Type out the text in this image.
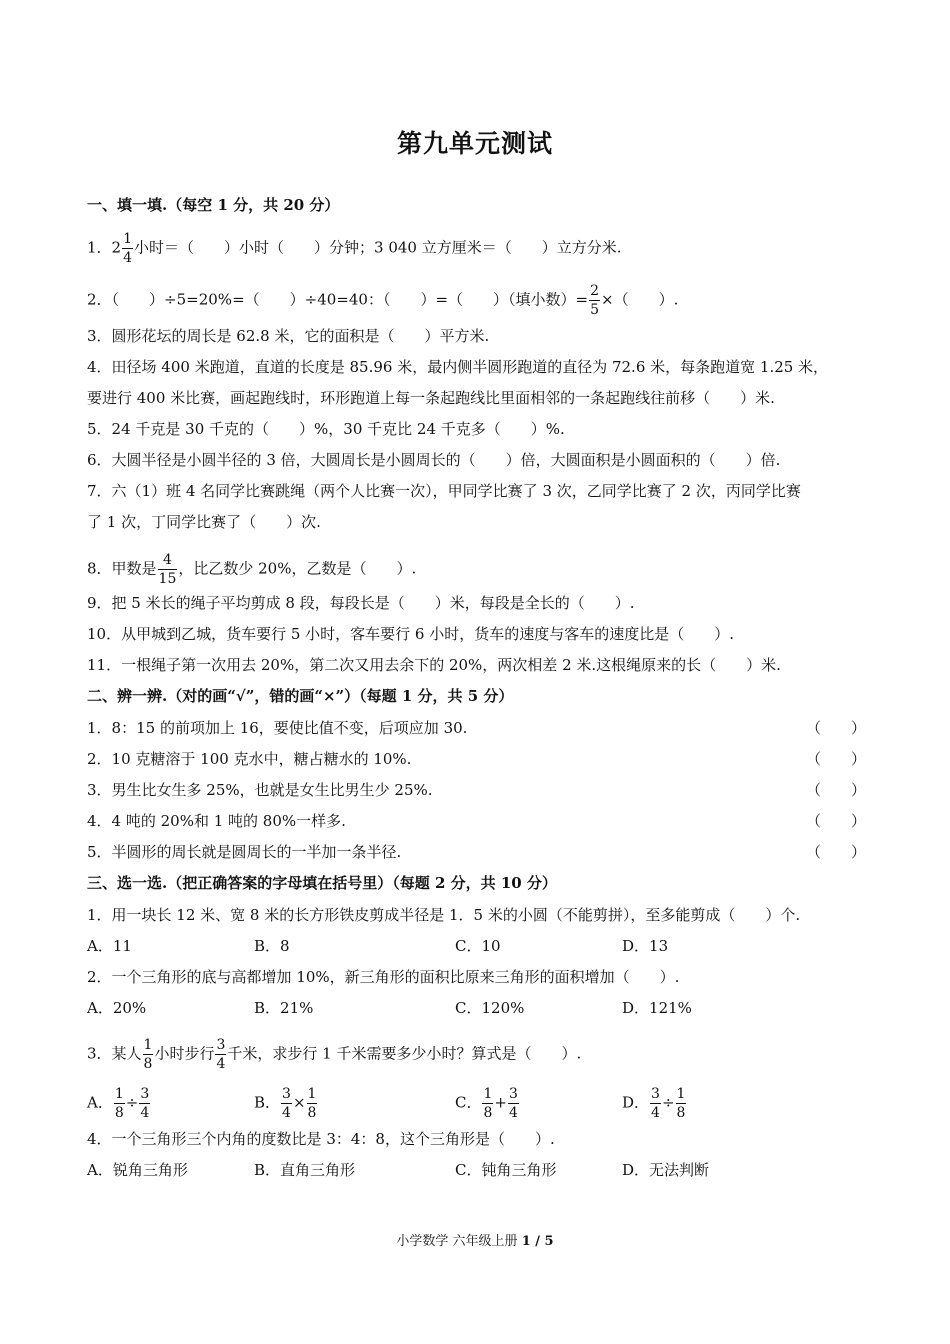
第九单元测试
一、填一填.（每空 1 分，共 20 分）
1．$2 \frac{1}{4}$ 小时＝（　　）小时（　　）分钟；3 040 立方厘米＝（　　）立方分米.
2．（　　）÷5=20%=（　　）÷40=40：（　　）=（　　）（填小数）= $\frac{2}{5}$ ×（　　）.
3．圆形花坛的周长是 62.8 米，它的面积是（　　）平方米.
4．田径场 400 米跑道，直道的长度是 85.96 米，最内侧半圆形跑道的直径为 72.6 米，每条跑道宽 1.25 米，
要进行 400 米比赛，画起跑线时，环形跑道上每一条起跑线比里面相邻的一条起跑线往前移（　　）米.
5．24 千克是 30 千克的（　　）%，30 千克比 24 千克多（　　）%.
6．大圆半径是小圆半径的 3 倍，大圆周长是小圆周长的（　　）倍，大圆面积是小圆面积的（　　）倍.
7．六（1）班 4 名同学比赛跳绳（两个人比赛一次），甲同学比赛了 3 次，乙同学比赛了 2 次，丙同学比赛
了 1 次，丁同学比赛了（　　）次.
8．甲数是 $\frac{4}{15}$ ，比乙数少 20%，乙数是（　　）.
9．把 5 米长的绳子平均剪成 8 段，每段长是（　　）米，每段是全长的（　　）.
10．从甲城到乙城，货车要行 5 小时，客车要行 6 小时，货车的速度与客车的速度比是（　　）.
11．一根绳子第一次用去 20%，第二次又用去余下的 20%，两次相差 2 米.这根绳原来的长（　　）米.
二、辨一辨.（对的画“√”，错的画“×”）（每题 1 分，共 5 分）
1．8：15 的前项加上 16，要使比值不变，后项应加 30.	（　　）
2．10 克糖溶于 100 克水中，糖占糖水的 10%.	（　　）
3．男生比女生多 25%，也就是女生比男生少 25%.	（　　）
4．4 吨的 20%和 1 吨的 80%一样多.	（　　）
5．半圆形的周长就是圆周长的一半加一条半径.	（　　）
三、选一选.（把正确答案的字母填在括号里）（每题 2 分，共 10 分）
1．用一块长 12 米、宽 8 米的长方形铁皮剪成半径是 1．5 米的小圆（不能剪拼），至多能剪成（　　）个.
A．11	B．8	C．10	D．13
2．一个三角形的底与高都增加 10%，新三角形的面积比原来三角形的面积增加（　　）.
A．20%	B．21%	C．120%	D．121%
3．某人 $\frac{1}{8}$ 小时步行 $\frac{3}{4}$ 千米，求步行 1 千米需要多少小时？算式是（　　）.
A． $\frac{1}{8} \div \frac{3}{4}$	B． $\frac{3}{4} \times \frac{1}{8}$	C． $\frac{1}{8} + \frac{3}{4}$	D． $\frac{3}{4} \div \frac{1}{8}$
4．一个三角形三个内角的度数比是 3：4：8，这个三角形是（　　）.
A．锐角三角形	B．直角三角形	C．钝角三角形	D．无法判断
小学数学 六年级上册 1 / 5
